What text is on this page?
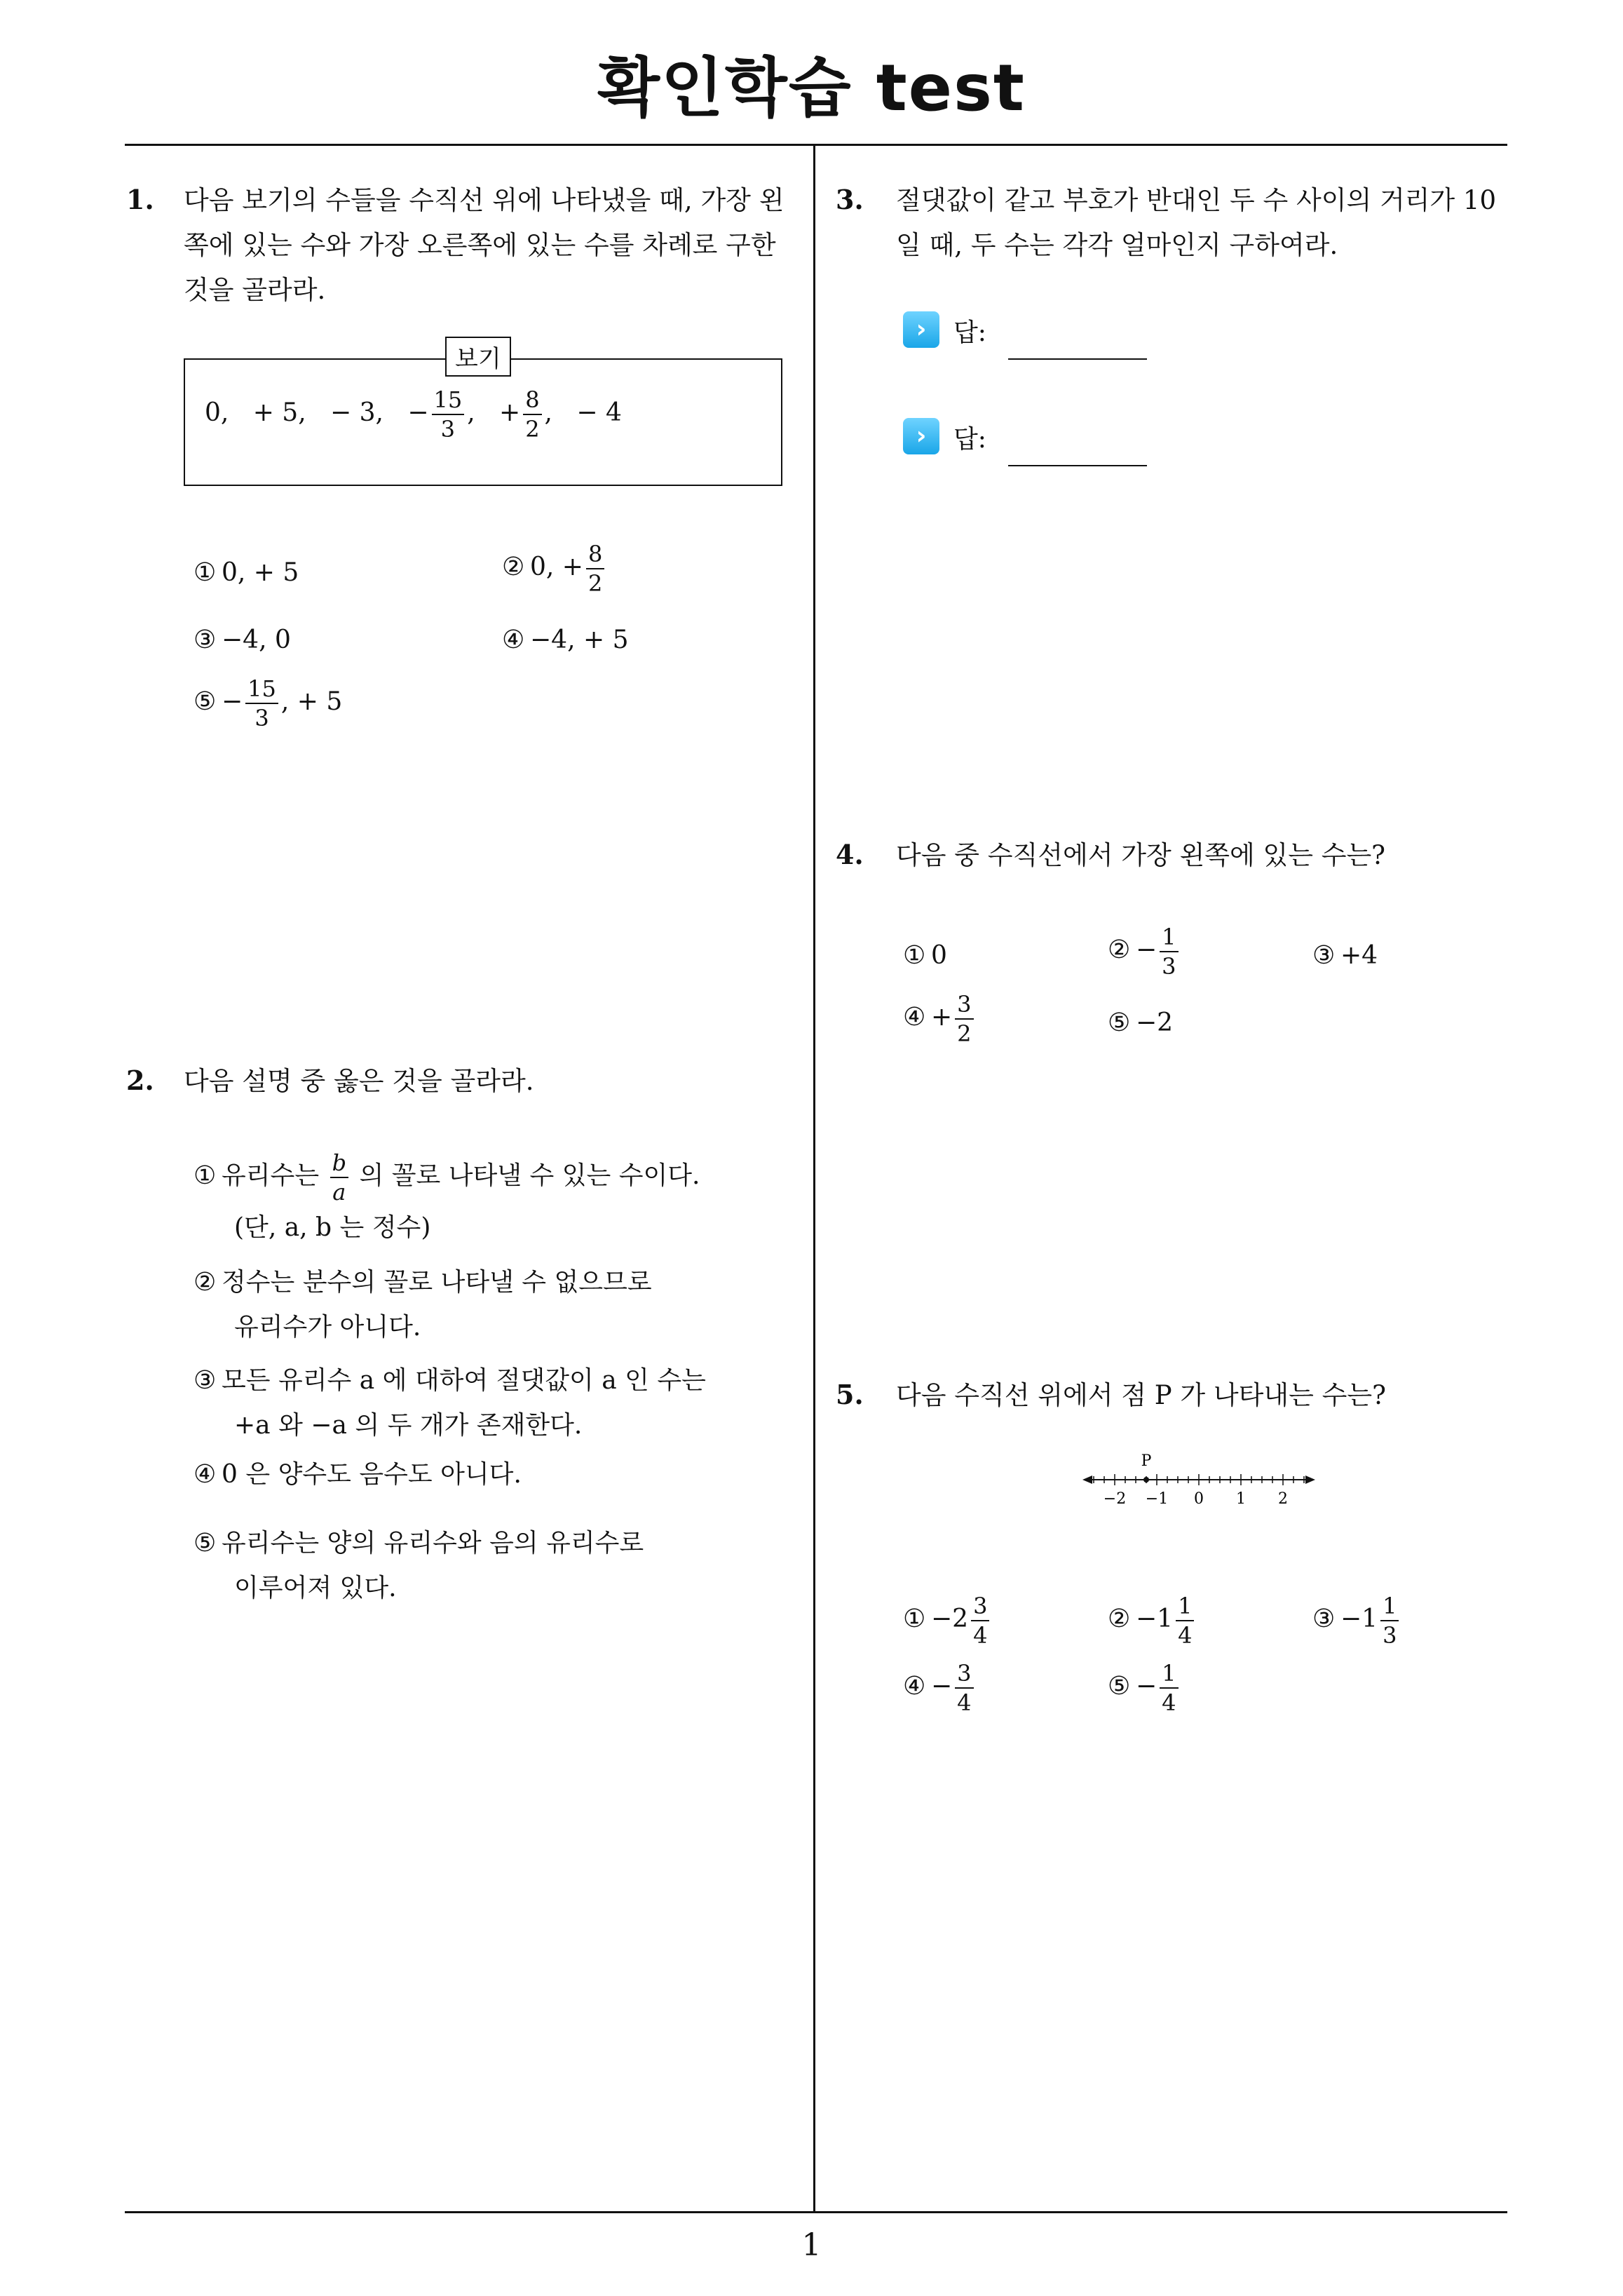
확인학습 test
1
1. 다음 보기의 수들을 수직선 위에 나타냈을 때, 가장 왼
쪽에 있는 수와 가장 오른쪽에 있는 수를 차례로 구한
것을 골라라.
보기
0, + 5, − 3, − $\frac{15}{3}$ , + $\frac{8}{2}$ , − 4
① 0, + 5	② 0, + $\frac{8}{2}$
③ −4, 0	④ −4, + 5
⑤ − $\frac{15}{3}$ , + 5
2. 다음 설명 중 옳은 것을 골라라.
① 유리수는 $\frac{b}{a}$ 의 꼴로 나타낼 수 있는 수이다.
(단, a, b 는 정수)
② 정수는 분수의 꼴로 나타낼 수 없으므로
유리수가 아니다.
③ 모든 유리수 a 에 대하여 절댓값이 a 인 수는
+a 와 −a 의 두 개가 존재한다.
④ 0 은 양수도 음수도 아니다.
⑤ 유리수는 양의 유리수와 음의 유리수로
이루어져 있다.
3. 절댓값이 같고 부호가 반대인 두 수 사이의 거리가 10
일 때, 두 수는 각각 얼마인지 구하여라.
›	답:
›	답:
4. 다음 중 수직선에서 가장 왼쪽에 있는 수는?
① 0	② − $\frac{1}{3}$	③ +4
④ + $\frac{3}{2}$	⑤ −2
5. 다음 수직선 위에서 점 P 가 나타내는 수는?
−2 −1 0 1 2
P
① $-2 \frac{3}{4}$	② $-1 \frac{1}{4}$	③ $-1 \frac{1}{3}$
④ − $\frac{3}{4}$	⑤ − $\frac{1}{4}$
